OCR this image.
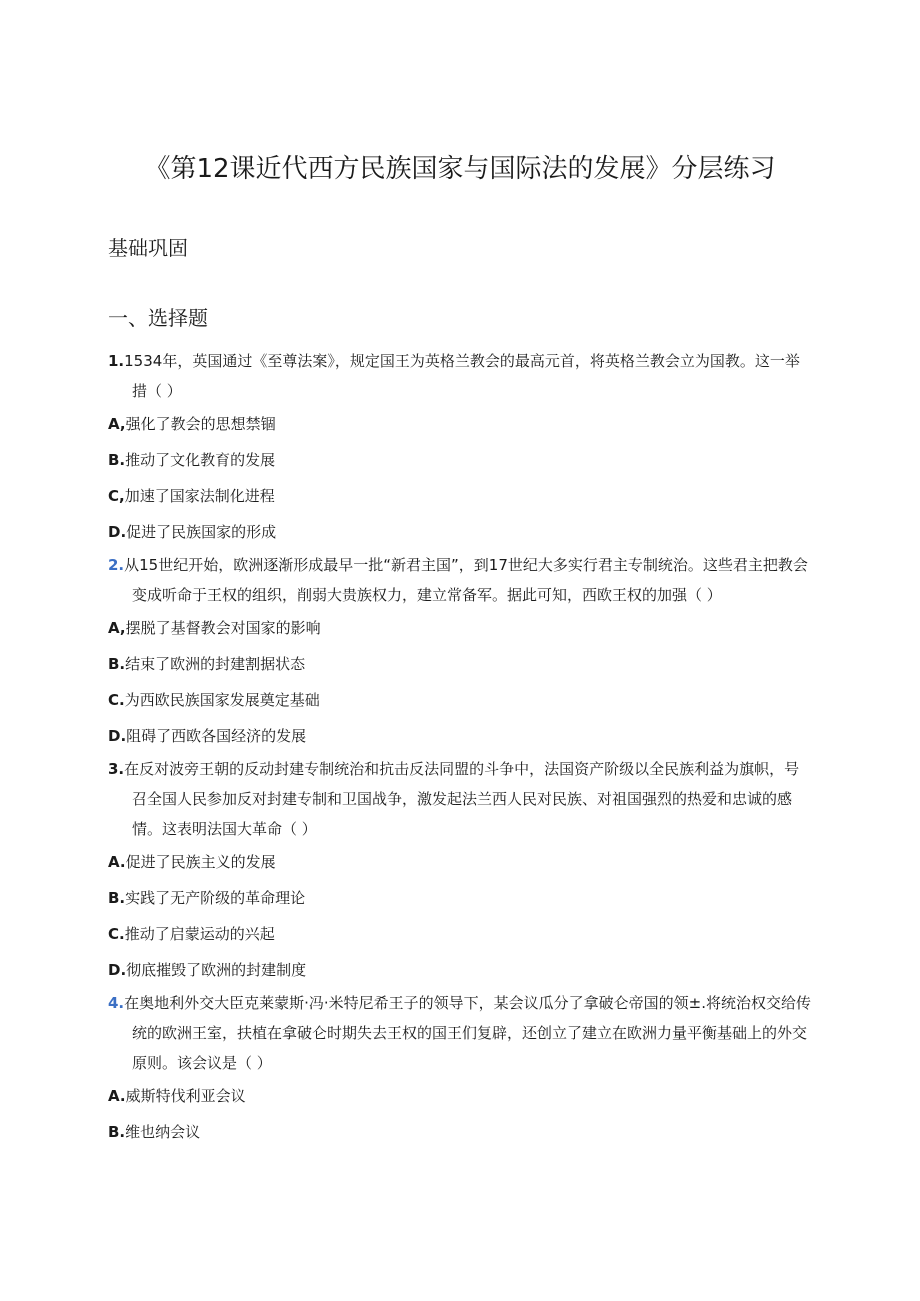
《第12课近代西方民族国家与国际法的发展》分层练习
基础巩固
一、选择题
1.1534年，英国通过《至尊法案》，规定国王为英格兰教会的最高元首，将英格兰教会立为国教。这一举措（ ）
A,强化了教会的思想禁锢
B.推动了文化教育的发展
C,加速了国家法制化进程
D.促进了民族国家的形成
2.从15世纪开始，欧洲逐渐形成最早一批“新君主国”，到17世纪大多实行君主专制统治。这些君主把教会变成听命于王权的组织，削弱大贵族权力，建立常备军。据此可知，西欧王权的加强（ ）
A,摆脱了基督教会对国家的影响
B.结束了欧洲的封建割据状态
C.为西欧民族国家发展奠定基础
D.阻碍了西欧各国经济的发展
3.在反对波旁王朝的反动封建专制统治和抗击反法同盟的斗争中，法国资产阶级以全民族利益为旗帜，号召全国人民参加反对封建专制和卫国战争，激发起法兰西人民对民族、对祖国强烈的热爱和忠诚的感情。这表明法国大革命（ ）
A.促进了民族主义的发展
B.实践了无产阶级的革命理论
C.推动了启蒙运动的兴起
D.彻底摧毁了欧洲的封建制度
4.在奥地利外交大臣克莱蒙斯·冯·米特尼希王子的领导下，某会议瓜分了拿破仑帝国的领±.将统治权交给传统的欧洲王室，扶植在拿破仑时期失去王权的国王们复辟，还创立了建立在欧洲力量平衡基础上的外交原则。该会议是（ ）
A.威斯特伐利亚会议
B.维也纳会议
